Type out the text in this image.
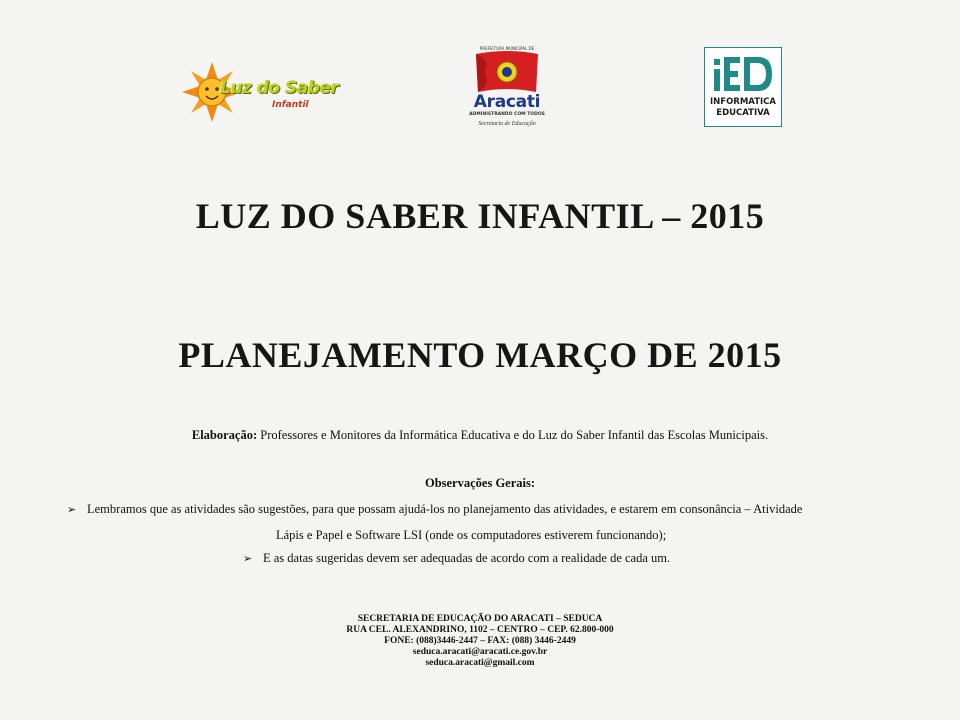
Luz do Saber
Infantil
PREFEITURA MUNICIPAL DE
Aracati
ADMINISTRANDO COM TODOS
Secretaria de Educação
INFORMATICA
EDUCATIVA
LUZ DO SABER INFANTIL – 2015
PLANEJAMENTO MARÇO DE 2015
Elaboração: Professores e Monitores da Informática Educativa e do Luz do Saber Infantil das Escolas Municipais.
Observações Gerais:
➢ Lembramos que as atividades são sugestões, para que possam ajudá-los no planejamento das atividades, e estarem em consonância – Atividade
Lápis e Papel e Software LSI (onde os computadores estiverem funcionando);
➢ E as datas sugeridas devem ser adequadas de acordo com a realidade de cada um.
SECRETARIA DE EDUCAÇÃO DO ARACATI – SEDUCA
RUA CEL. ALEXANDRINO, 1102 – CENTRO – CEP. 62.800-000
FONE: (088)3446-2447 – FAX: (088) 3446-2449
seduca.aracati@aracati.ce.gov.br
seduca.aracati@gmail.com
